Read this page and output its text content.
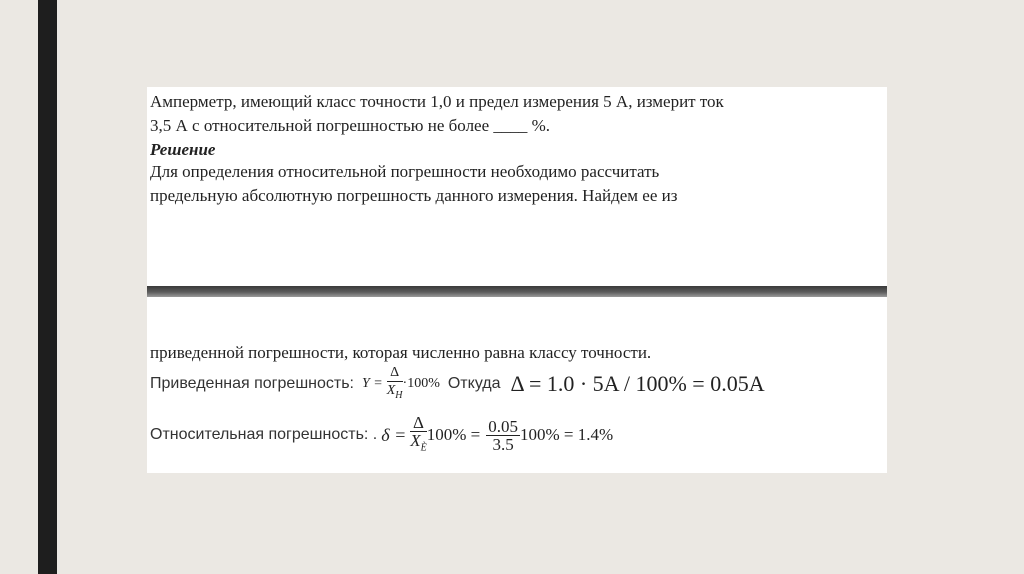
Амперметр, имеющий класс точности 1,0 и предел измерения 5 А, измерит ток
3,5 А с относительной погрешностью не более ____ %.
Решение
Для определения относительной погрешности необходимо рассчитать
предельную абсолютную погрешность данного измерения. Найдем ее из
приведенной погрешности, которая численно равна классу точности.
Приведенная погрешность: $Y = \frac{\Delta}{X_H} \cdot 100\%$ Откуда Δ = 1.0 · 5A / 100% = 0.05A
Относительная погрешность: . $\delta = \frac{\Delta}{X_È} 100\% = \frac{0.05}{3.5} 100\% = 1.4\%$
